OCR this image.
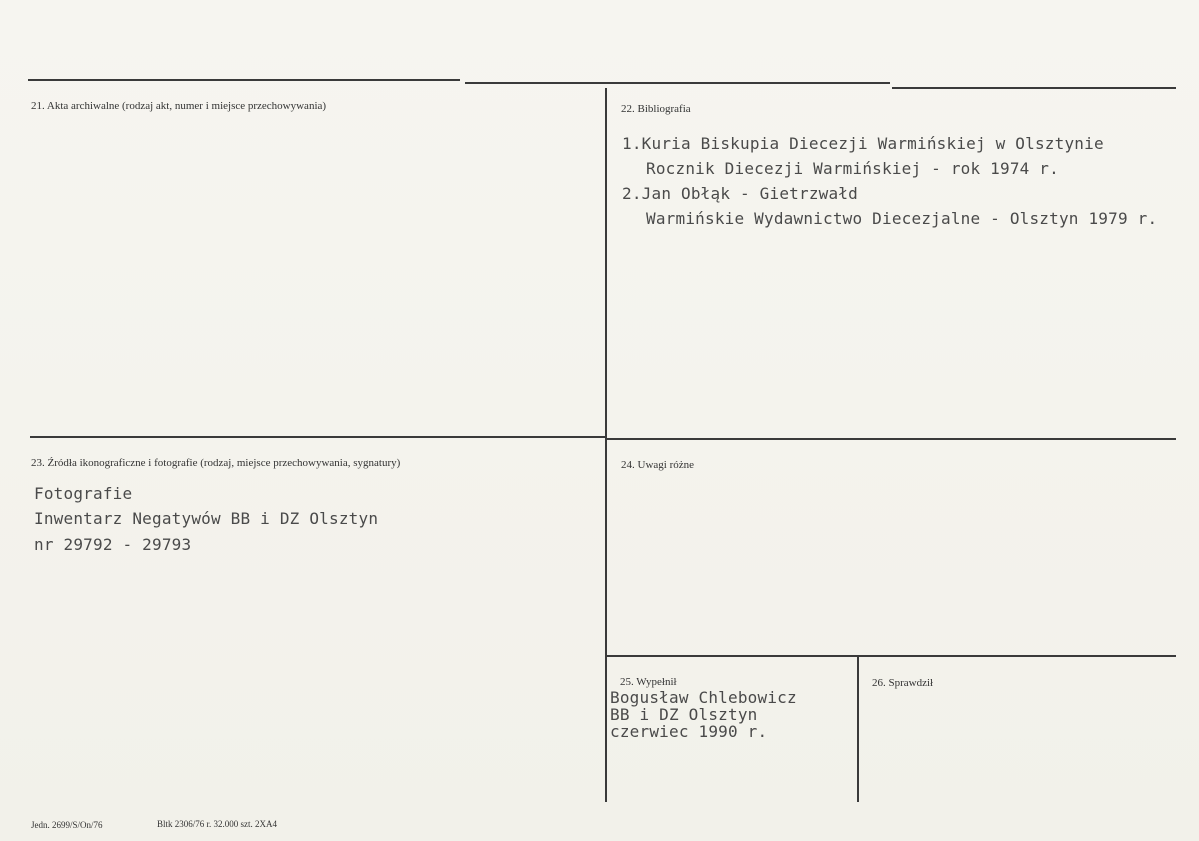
21. Akta archiwalne (rodzaj akt, numer i miejsce przechowywania)	22. Bibliografia
1.Kuria Biskupia Diecezji Warmińskiej w Olsztynie
Rocznik Diecezji Warmińskiej - rok 1974 r.
2.Jan Obłąk - Gietrzwałd
Warmińskie Wydawnictwo Diecezjalne - Olsztyn 1979 r.
23. Źródła ikonograficzne i fotografie (rodzaj, miejsce przechowywania, sygnatury)
Fotografie
Inwentarz Negatywów BB i DZ Olsztyn
nr 29792 - 29793
24. Uwagi różne
25. Wypełnił
Bogusław Chlebowicz
BB i DZ Olsztyn
czerwiec 1990 r.
26. Sprawdził
Jedn. 2699/S/On/76	Bltk 2306/76 r. 32.000 szt. 2XA4
